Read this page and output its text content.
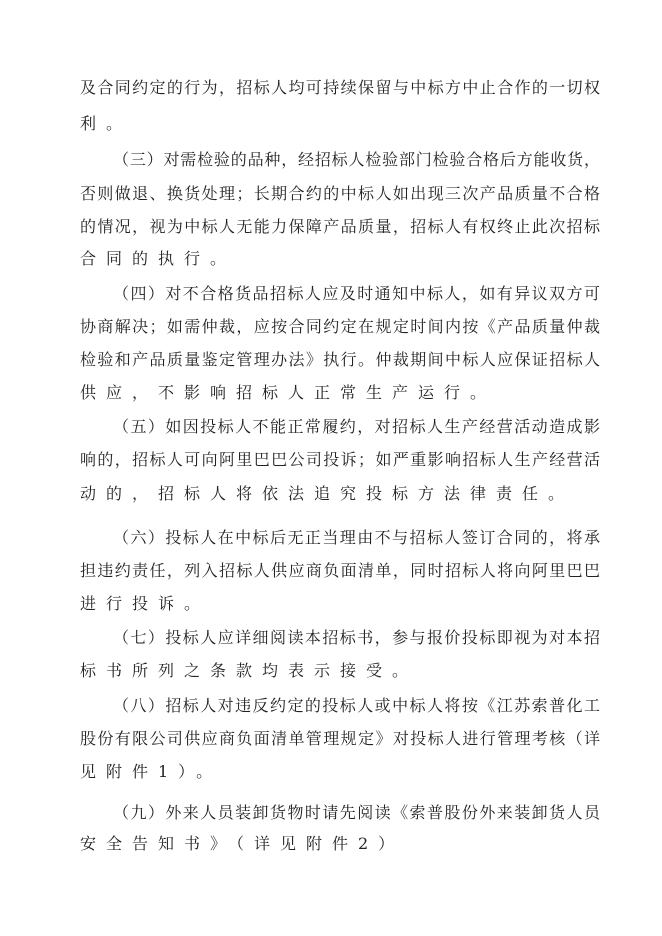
及合同约定的行为，招标人均可持续保留与中标方中止合作的一切权
利。
（三）对需检验的品种，经招标人检验部门检验合格后方能收货，
否则做退、换货处理；长期合约的中标人如出现三次产品质量不合格
的情况，视为中标人无能力保障产品质量，招标人有权终止此次招标
合同的执行。
（四）对不合格货品招标人应及时通知中标人，如有异议双方可
协商解决；如需仲裁，应按合同约定在规定时间内按《产品质量仲裁
检验和产品质量鉴定管理办法》执行。仲裁期间中标人应保证招标人
供应，不影响招标人正常生产运行。
（五）如因投标人不能正常履约，对招标人生产经营活动造成影
响的，招标人可向阿里巴巴公司投诉；如严重影响招标人生产经营活
动的，招标人将依法追究投标方法律责任。
（六）投标人在中标后无正当理由不与招标人签订合同的，将承
担违约责任，列入招标人供应商负面清单，同时招标人将向阿里巴巴
进行投诉。
（七）投标人应详细阅读本招标书，参与报价投标即视为对本招
标书所列之条款均表示接受。
（八）招标人对违反约定的投标人或中标人将按《江苏索普化工
股份有限公司供应商负面清单管理规定》对投标人进行管理考核（详
见附件1）。
（九）外来人员装卸货物时请先阅读《索普股份外来装卸货人员
安全告知书》（详见附件2）
